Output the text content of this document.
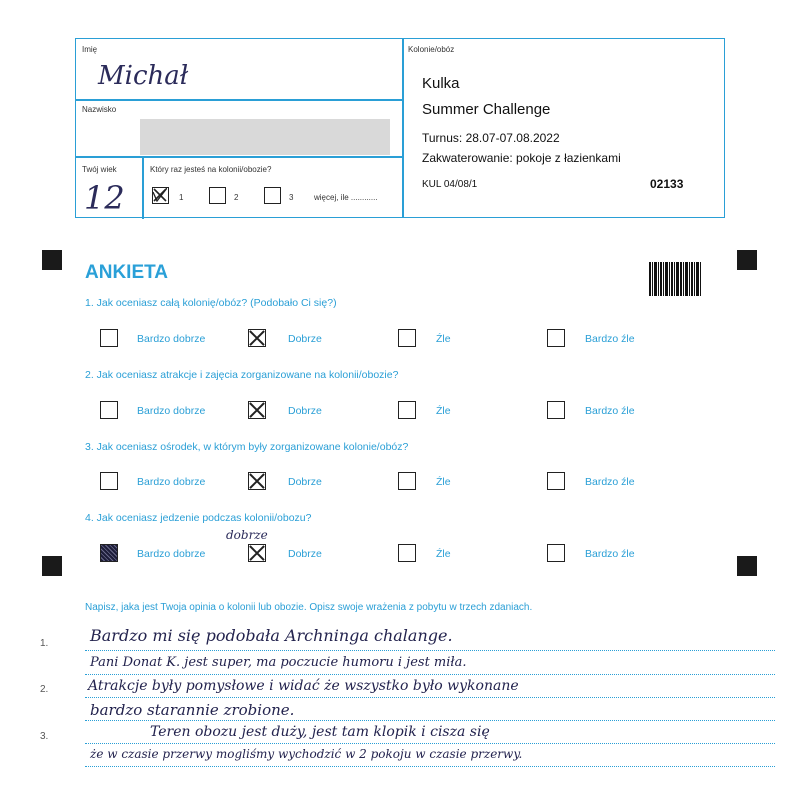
Imię
Michał
Nazwisko
Twój wiek
12
Który raz jesteś na kolonii/obozie?
1	2	3	więcej, ile ............
Kolonie/obóz
Kulka
Summer Challenge
Turnus: 28.07-07.08.2022
Zakwaterowanie: pokoje z łazienkami
KUL 04/08/1	02133
ANKIETA
1. Jak oceniasz całą kolonię/obóz? (Podobało Ci się?)
Bardzo dobrze	Dobrze	Źle	Bardzo źle
2. Jak oceniasz atrakcje i zajęcia zorganizowane na kolonii/obozie?
Bardzo dobrze	Dobrze	Źle	Bardzo źle
3. Jak oceniasz ośrodek, w którym były zorganizowane kolonie/obóz?
Bardzo dobrze	Dobrze	Źle	Bardzo źle
4. Jak oceniasz jedzenie podczas kolonii/obozu?
dobrze
Bardzo dobrze	Dobrze	Źle	Bardzo źle
Napisz, jaka jest Twoja opinia o kolonii lub obozie. Opisz swoje wrażenia z pobytu w trzech zdaniach.
1.
2.
3.
Bardzo mi się podobała Archninga chalange.
Pani Donat K. jest super, ma poczucie humoru i jest miła.
Atrakcje były pomysłowe i widać że wszystko było wykonane
bardzo starannie zrobione.
Teren obozu jest duży, jest tam klopik i cisza się
że w czasie przerwy mogliśmy wychodzić w 2 pokoju w czasie przerwy.
